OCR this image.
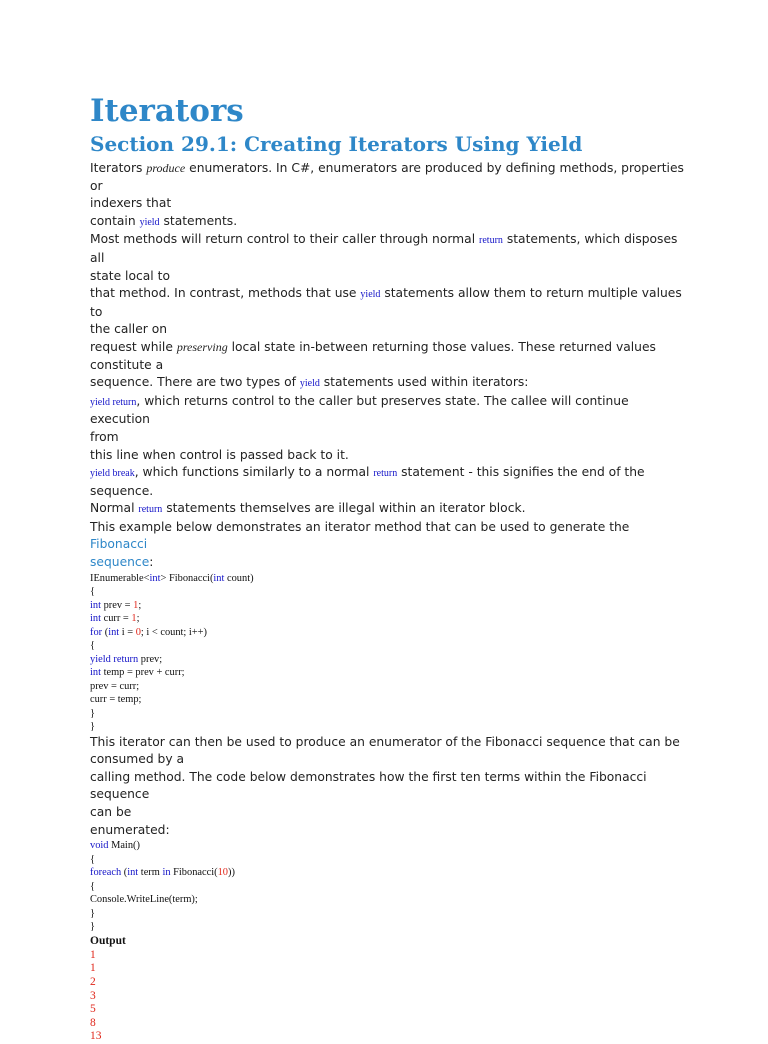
Iterators
Section 29.1: Creating Iterators Using Yield

Iterators produce enumerators. In C#, enumerators are produced by defining methods, properties or

indexers that

contain yield statements.

Most methods will return control to their caller through normal return statements, which disposes all

state local to

that method. In contrast, methods that use yield statements allow them to return multiple values to

the caller on

request while preserving local state in-between returning those values. These returned values

constitute a

sequence. There are two types of yield statements used within iterators:

yield return, which returns control to the caller but preserves state. The callee will continue execution

from

this line when control is passed back to it.

yield break, which functions similarly to a normal return statement - this signifies the end of the

sequence.

Normal return statements themselves are illegal within an iterator block.

This example below demonstrates an iterator method that can be used to generate the Fibonacci

sequence:

IEnumerable<int> Fibonacci(int count)

{

int prev = 1;

int curr = 1;

for (int i = 0; i < count; i++)

{

yield return prev;

int temp = prev + curr;

prev = curr;

curr = temp;

}

}

This iterator can then be used to produce an enumerator of the Fibonacci sequence that can be

consumed by a

calling method. The code below demonstrates how the first ten terms within the Fibonacci sequence

can be

enumerated:

void Main()

{

foreach (int term in Fibonacci(10))

{

Console.WriteLine(term);

}

}

Output

1

1

2

3

5

8

13
